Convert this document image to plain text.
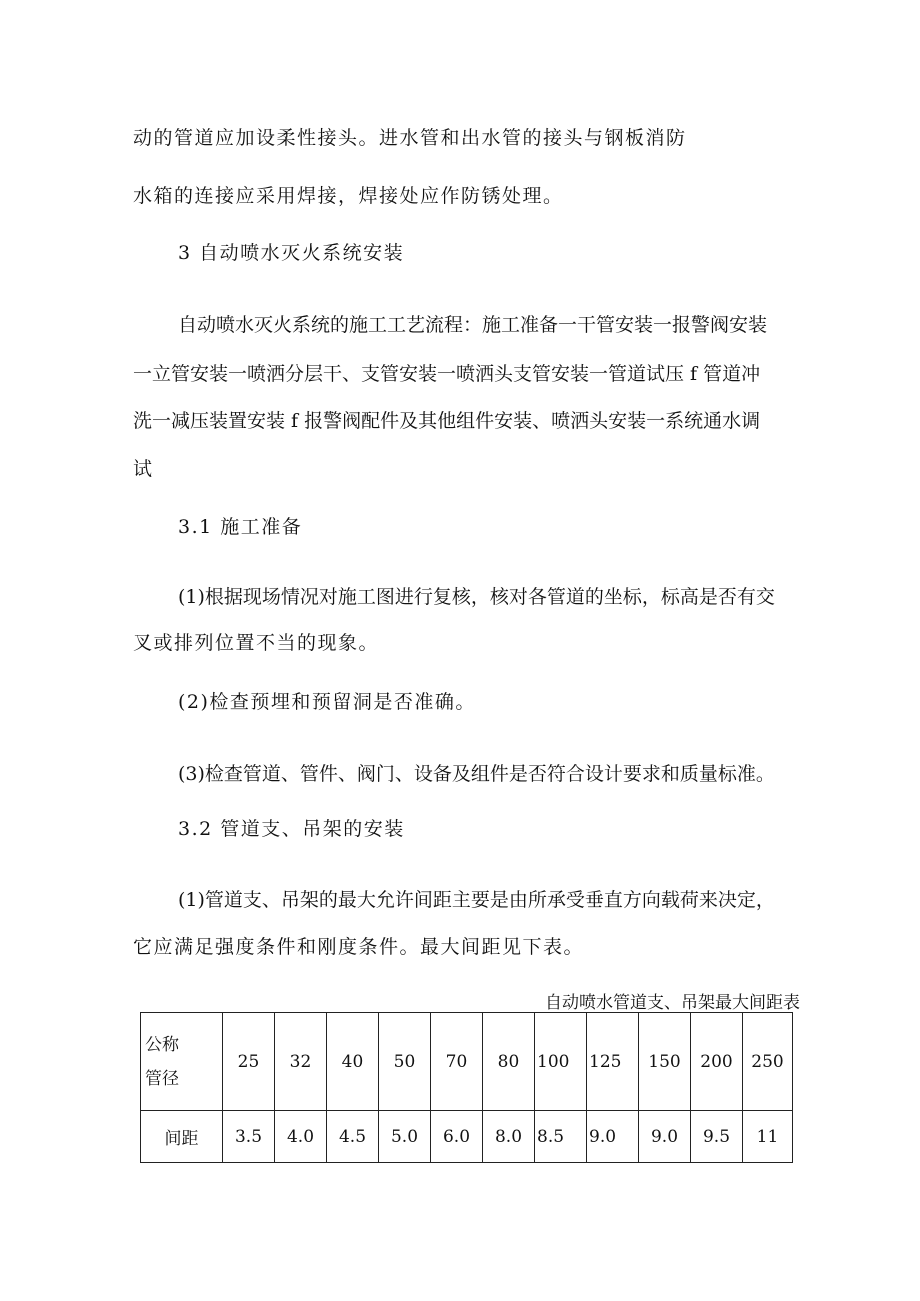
动的管道应加设柔性接头。进水管和出水管的接头与钢板消防
水箱的连接应采用焊接，焊接处应作防锈处理。
3 自动喷水灭火系统安装
自动喷水灭火系统的施工工艺流程：施工准备一干管安装一报警阀安装
一立管安装一喷洒分层干、支管安装一喷洒头支管安装一管道试压 f 管道冲
洗一减压装置安装 f 报警阀配件及其他组件安装、喷洒头安装一系统通水调
试
3.1 施工准备
(1)根据现场情况对施工图进行复核，核对各管道的坐标，标高是否有交
叉或排列位置不当的现象。
(2)检查预埋和预留洞是否准确。
(3)检查管道、管件、阀门、设备及组件是否符合设计要求和质量标准。
3.2 管道支、吊架的安装
(1)管道支、吊架的最大允许间距主要是由所承受垂直方向载荷来决定，
它应满足强度条件和刚度条件。最大间距见下表。
自动喷水管道支、吊架最大间距表
公称
管径	25	32	40	50	70	80	100	125	150	200	250
间距	3.5	4.0	4.5	5.0	6.0	8.0	8.5	9.0	9.0	9.5	11
